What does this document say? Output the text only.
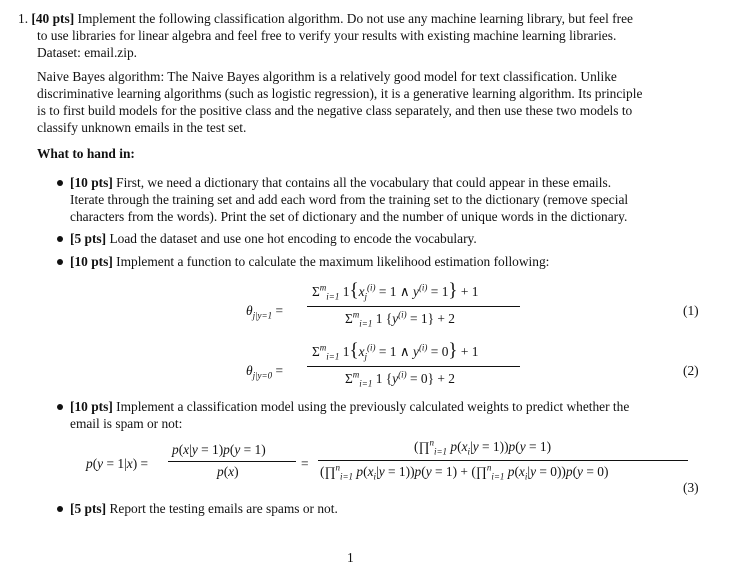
1. [40 pts] Implement the following classification algorithm. Do not use any machine learning library, but feel free
to use libraries for linear algebra and feel free to verify your results with existing machine learning libraries.
Dataset: email.zip.
Naive Bayes algorithm: The Naive Bayes algorithm is a relatively good model for text classification. Unlike
discriminative learning algorithms (such as logistic regression), it is a generative learning algorithm. Its principle
is to first build models for the positive class and the negative class separately, and then use these two models to
classify unknown emails in the test set.
What to hand in:
[10 pts] First, we need a dictionary that contains all the vocabulary that could appear in these emails.
Iterate through the training set and add each word from the training set to the dictionary (remove special
characters from the words). Print the set of dictionary and the number of unique words in the dictionary.
[5 pts] Load the dataset and use one hot encoding to encode the vocabulary.
[10 pts] Implement a function to calculate the maximum likelihood estimation following:
$\theta_{j|y=1}$ =
$\Sigma^m_{i=1}$ $1\{x_j^{(i)} = 1$ ∧ $y^{(i)} = 1\} + 1$
$\Sigma^m_{i=1}$ 1 $\{y^{(i)} = 1\} + 2$
(1)
$\theta_{j|y=0}$ =
$\Sigma^m_{i=1}$ $1\{x_j^{(i)} = 1$ ∧ $y^{(i)} = 0\} + 1$
$\Sigma^m_{i=1}$ 1 $\{y^{(i)} = 0\} + 2$
(2)
[10 pts] Implement a classification model using the previously calculated weights to predict whether the
email is spam or not:
p(y = 1|x) =
p(x|y = 1)p(y = 1)
p(x)
=
(∏$^n_{i=1}$ $p(x_i|y = 1))p(y = 1)$
(∏$^n_{i=1}$ $p(x_i|y = 1))p(y = 1)$ + (∏$^n_{i=1}$ $p(x_i|y = 0))p(y = 0)$
(3)
[5 pts] Report the testing emails are spams or not.
1
